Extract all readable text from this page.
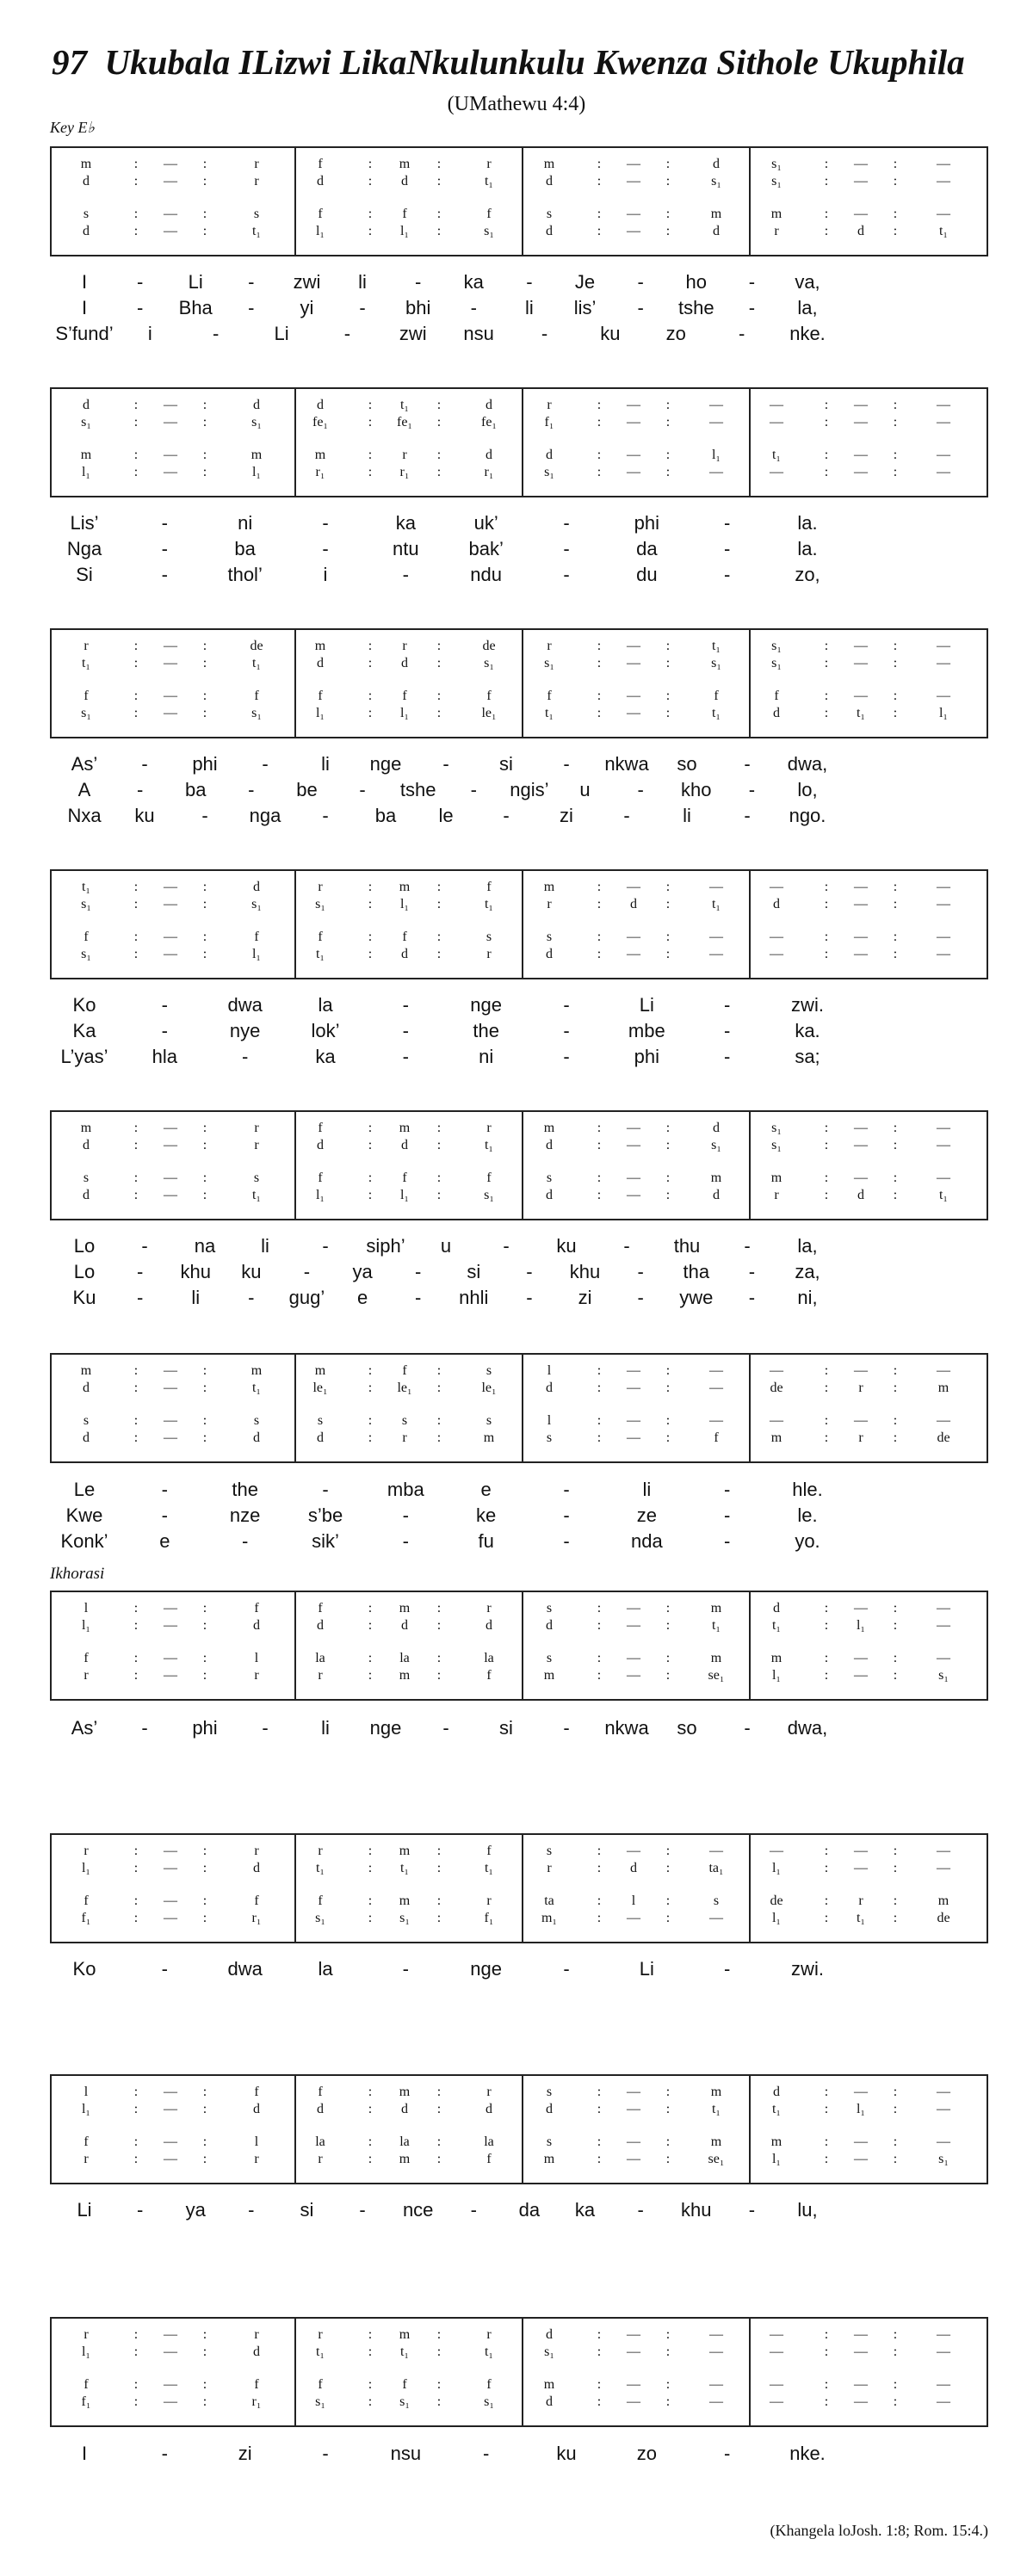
97 Ukubala ILizwi LikaNkulunkulu Kwenza Sithole Ukuphila
(UMathewu 4:4)
Key E♭
Ikhorasi
(Khangela loJosh. 1:8; Rom. 15:4.)
m	: — :	r	f	: m :	r	m	: — :	d	s₁	: — :	—
d	: — :	r	d	: d :	t₁	d	: — :	s₁	s₁	: — :	—
s	: — :	s	f	: f :	f	s	: — :	m	m	: — :	—
d	: — :	t₁	l₁	: l₁ :	s₁	d	: — :	d	r	: d :	t₁
I	- Li - zwi li	- ka - Je - ho - va,
I	- Bha - yi - bhi -	li lis’ - tshe - la,
S’fund’ i	-	Li	-	zwi nsu -	ku zo	- nke.
d	: — :	d	d	: t₁ :	d	r	: — :	—	—	: — :	—
s₁	: — :	s₁	fe₁	: fe₁ :	fe₁	f₁	: — :	—	—	: — :	—
m	: — :	m	m	: r :	d	d	: — :	l₁	t₁	: — :	—
l₁	: — :	l₁	r₁	: r₁ :	r₁	s₁	: — :	—	—	: — :	—
Lis’	-	ni	-	ka	uk’	-	phi	-	la.
Nga	-	ba	-	ntu	bak’	-	da	-	la.
Si	-	thol’	i	-	ndu	-	du	-	zo,
r	: — :	de	m	: r :	de	r	: — :	t₁	s₁	: — :	—
t₁	: — :	t₁	d	: d :	s₁	s₁	: — :	s₁	s₁	: — :	—
f	: — :	f	f	: f :	f	f	: — :	f	f	: — :	—
s₁	: — :	s₁	l₁	: l₁ :	le₁	t₁	: — :	t₁	d	: t₁ :	l₁
As’ - phi -	li nge -	si	- nkwa so - dwa,
A - ba - be - tshe - ngis’ u - kho - lo,
Nxa ku - nga - ba le	-	zi	-	li	- ngo.
t₁	: — :	d	r	: m :	f	m	: — :	—	—	: — :	—
s₁	: — :	s₁	s₁	: l₁ :	t₁	r	: d :	t₁	d	: — :	—
f	: — :	f	f	: f :	s	s	: — :	—	—	: — :	—
s₁	: — :	l₁	t₁	: d :	r	d	: — :	—	—	: — :	—
Ko	-	dwa	la	-	nge	-	Li	-	zwi.
Ka	-	nye	lok’	-	the	-	mbe	-	ka.
L’yas’ hla	-	ka	-	ni	-	phi	-	sa;
m	: — :	r	f	: m :	r	m	: — :	d	s₁	: — :	—
d	: — :	r	d	: d :	t₁	d	: — :	s₁	s₁	: — :	—
s	: — :	s	f	: f :	f	s	: — :	m	m	: — :	—
d	: — :	t₁	l₁	: l₁ :	s₁	d	: — :	d	r	: d :	t₁
Lo - na li	- siph’ u	- ku - thu - la,
Lo - khu ku - ya - si - khu - tha - za,
Ku -	li	- gug’ e - nhli - zi - ywe - ni,
m	: — :	m	m	: f :	s	l	: — :	—	—	: — :	—
d	: — :	t₁	le₁	: le₁ :	le₁	d	: — :	—	de	: r :	m
s	: — :	s	s	: s :	s	l	: — :	—	—	: — :	—
d	: — :	d	d	: r :	m	s	: — :	f	m	: r :	de
Le	-	the	-	mba	e	-	li	-	hle.
Kwe	-	nze	s’be	-	ke	-	ze	-	le.
Konk’	e	-	sik’	-	fu	-	nda	-	yo.
l	: — :	f	f	: m :	r	s	: — :	m	d	: — :	—
l₁	: — :	d	d	: d :	d	d	: — :	t₁	t₁	: l₁ :	—
f	: — :	l	la	: la :	la	s	: — :	m	m	: — :	—
r	: — :	r	r	: m :	f	m	: — :	se₁	l₁	: — :	s₁
As’ - phi -	li nge -	si	- nkwa so - dwa,
r	: — :	r	r	: m :	f	s	: — :	—	—	: — :	—
l₁	: — :	d	t₁	: t₁ :	t₁	r	: d :	ta₁	l₁	: — :	—
f	: — :	f	f	: m :	r	ta	: l :	s	de	: r :	m
f₁	: — :	r₁	s₁	: s₁ :	f₁	m₁	: — :	—	l₁	: t₁ :	de
Ko	-	dwa	la	-	nge	-	Li	-	zwi.
l	: — :	f	f	: m :	r	s	: — :	m	d	: — :	—
l₁	: — :	d	d	: d :	d	d	: — :	t₁	t₁	: l₁ :	—
f	: — :	l	la	: la :	la	s	: — :	m	m	: — :	—
r	: — :	r	r	: m :	f	m	: — :	se₁	l₁	: — :	s₁
Li - ya - si - nce - da ka - khu - lu,
r	: — :	r	r	: m :	r	d	: — :	—	—	: — :	—
l₁	: — :	d	t₁	: t₁ :	t₁	s₁	: — :	—	—	: — :	—
f	: — :	f	f	: f :	f	m	: — :	—	—	: — :	—
f₁	: — :	r₁	s₁	: s₁ :	s₁	d	: — :	—	—	: — :	—
I	-	zi	-	nsu	-	ku	zo	-	nke.
